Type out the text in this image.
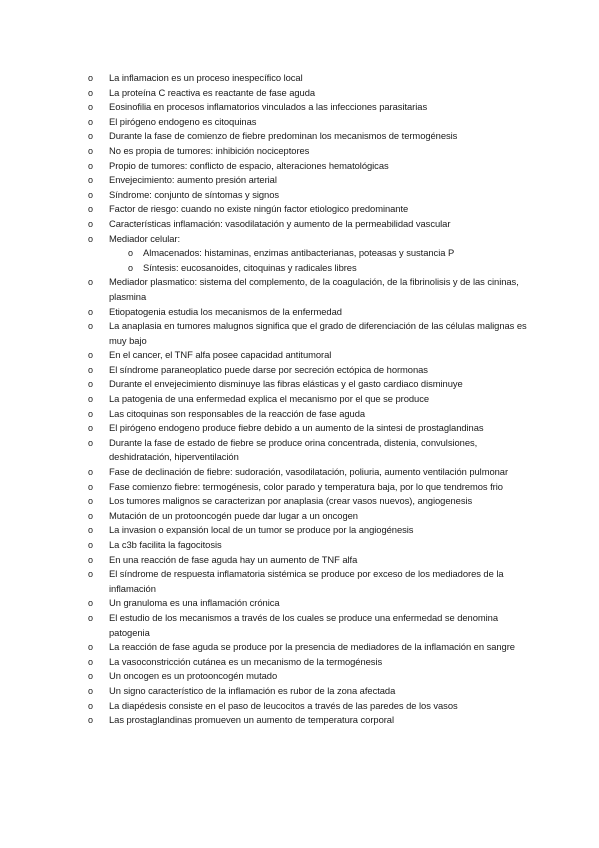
o La inflamacion es un proceso inespecífico local
o La proteína C reactiva es reactante de fase aguda
o Eosinofilia en procesos inflamatorios vinculados a las infecciones parasitarias
o El pirógeno endogeno es citoquinas
o Durante la fase de comienzo de fiebre predominan los mecanismos de termogénesis
o No es propia de tumores: inhibición nociceptores
o Propio de tumores: conflicto de espacio, alteraciones hematológicas
o Envejecimiento: aumento presión arterial
o Síndrome: conjunto de síntomas y signos
o Factor de riesgo: cuando no existe ningún factor etiologico predominante
o Características inflamación: vasodilatación y aumento de la permeabilidad vascular
o Mediador celular:
o Almacenados: histaminas, enzimas antibacterianas, poteasas y sustancia P
o Síntesis: eucosanoides, citoquinas y radicales libres
o Mediador plasmatico: sistema del complemento, de la coagulación, de la fibrinolisis y de las cininas, plasmina
o Etiopatogenia estudia los mecanismos de la enfermedad
o La anaplasia en tumores malugnos significa que el grado de diferenciación de las células malignas es muy bajo
o En el cancer, el TNF alfa posee capacidad antitumoral
o El síndrome paraneoplatico puede darse por secreción ectópica de hormonas
o Durante el envejecimiento disminuye las fibras elásticas y el gasto cardiaco disminuye
o La patogenia de una enfermedad explica el mecanismo por el que se produce
o Las citoquinas son responsables de la reacción de fase aguda
o El pirógeno endogeno produce fiebre debido a un aumento de la sintesi de prostaglandinas
o Durante la fase de estado de fiebre se produce orina concentrada, distenia, convulsiones, deshidratación, hiperventilación
o Fase de declinación de fiebre: sudoración, vasodilatación, poliuria, aumento ventilación pulmonar
o Fase comienzo fiebre: termogénesis, color parado y temperatura baja, por lo que tendremos frio
o Los tumores malignos se caracterizan por anaplasia (crear vasos nuevos), angiogenesis
o Mutación de un protooncogén puede dar lugar a un oncogen
o La invasion o expansión local de un tumor se produce por la angiogénesis
o La c3b facilita la fagocitosis
o En una reacción de fase aguda hay un aumento de TNF alfa
o El síndrome de respuesta inflamatoria sistémica se produce por exceso de los mediadores de la inflamación
o Un granuloma es una inflamación crónica
o El estudio de los mecanismos a través de los cuales se produce una enfermedad se denomina patogenia
o La reacción de fase aguda se produce por la presencia de mediadores de la inflamación en sangre
o La vasoconstricción cutánea es un mecanismo de la termogénesis
o Un oncogen es un protooncogén mutado
o Un signo característico de la inflamación es rubor de la zona afectada
o La diapédesis consiste en el paso de leucocitos a través de las paredes de los vasos
o Las prostaglandinas promueven un aumento de temperatura corporal
